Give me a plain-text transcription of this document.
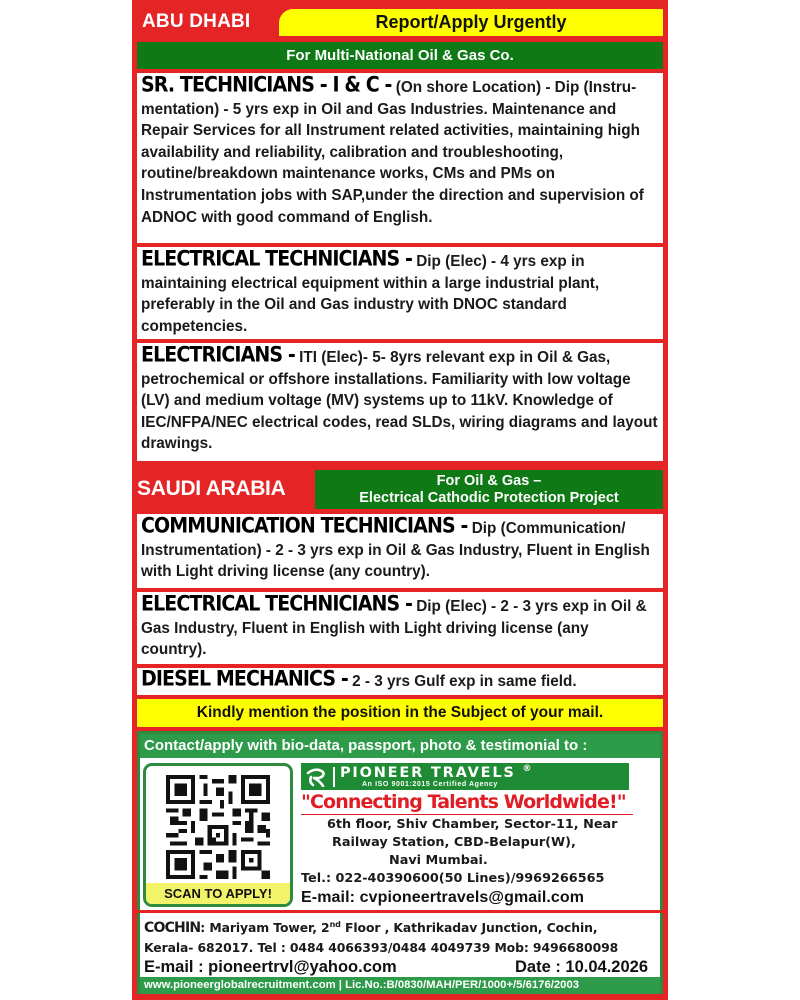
ABU DHABI	Report/Apply Urgently
For Multi-National Oil & Gas Co.
SR. TECHNICIANS - I & C - (On shore Location) - Dip (Instru-mentation) - 5 yrs exp in Oil and Gas Industries. Maintenance and Repair Services for all Instrument related activities, maintaining high availability and reliability, calibration and troubleshooting, routine/breakdown maintenance works, CMs and PMs on Instrumentation jobs with SAP,under the direction and supervision of ADNOC with good command of English.
ELECTRICAL TECHNICIANS - Dip (Elec) - 4 yrs exp in maintaining electrical equipment within a large industrial plant, preferably in the Oil and Gas industry with DNOC standard competencies.
ELECTRICIANS - ITI (Elec)- 5- 8yrs relevant exp in Oil & Gas, petrochemical or offshore installations. Familiarity with low voltage (LV) and medium voltage (MV) systems up to 11kV. Knowledge of IEC/NFPA/NEC electrical codes, read SLDs, wiring diagrams and layout drawings.
SAUDI ARABIA	For Oil & Gas –
Electrical Cathodic Protection Project
COMMUNICATION TECHNICIANS - Dip (Communication/ Instrumentation) - 2 - 3 yrs exp in Oil & Gas Industry, Fluent in English with Light driving license (any country).
ELECTRICAL TECHNICIANS - Dip (Elec) - 2 - 3 yrs exp in Oil & Gas Industry, Fluent in English with Light driving license (any country).
DIESEL MECHANICS - 2 - 3 yrs Gulf exp in same field.
Kindly mention the position in the Subject of your mail.
Contact/apply with bio-data, passport, photo & testimonial to :
SCAN TO APPLY!
PIONEER TRAVELS ®
An ISO 9001:2015 Certified Agency
"Connecting Talents Worldwide!"
6th floor, Shiv Chamber, Sector-11, Near
Railway Station, CBD-Belapur(W),
Navi Mumbai.
Tel.: 022-40390600(50 Lines)/9969266565
E-mail: cvpioneertravels@gmail.com
COCHIN: Mariyam Tower, 2nd Floor , Kathrikadav Junction, Cochin,
Kerala- 682017. Tel : 0484 4066393/0484 4049739 Mob: 9496680098
E-mail : pioneertrvl@yahoo.com	Date : 10.04.2026
www.pioneerglobalrecruitment.com | Lic.No.:B/0830/MAH/PER/1000+/5/6176/2003
